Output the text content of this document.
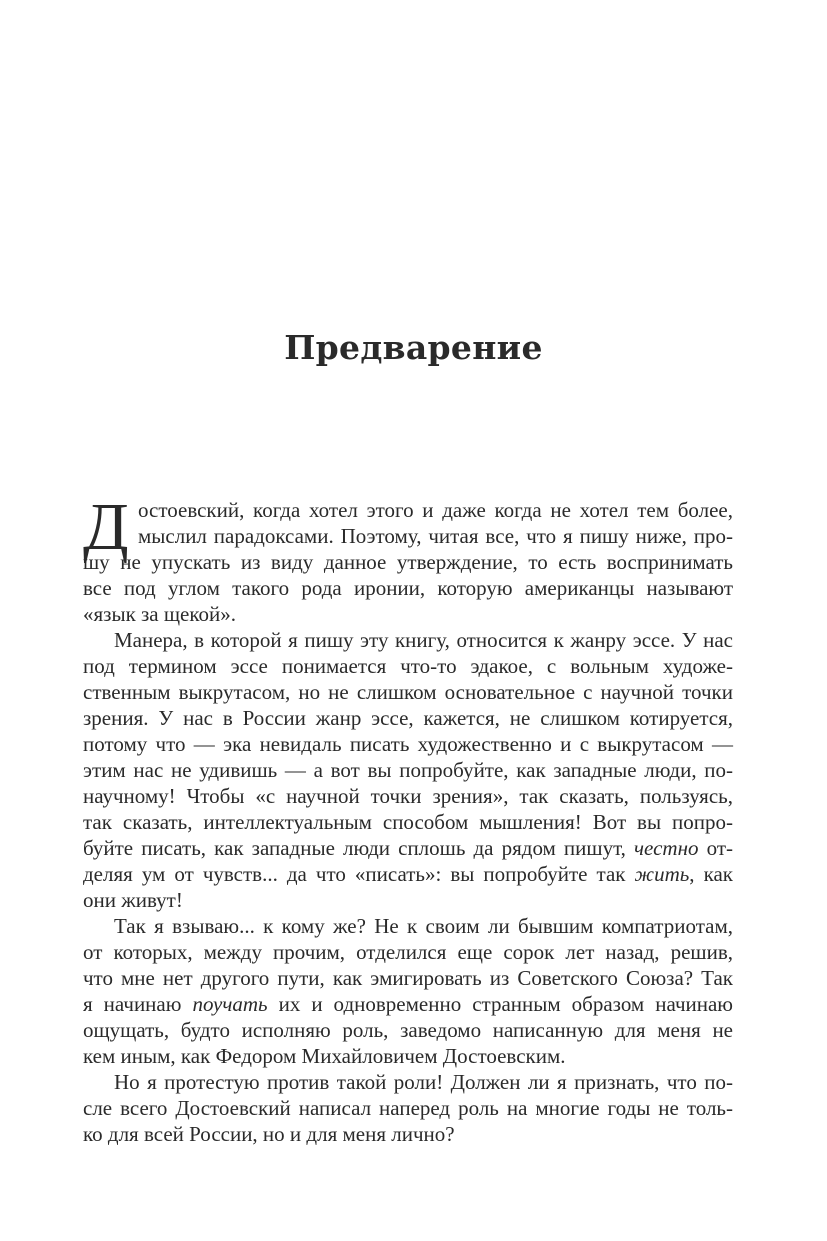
Предварение
Д остоевский, когда хотел этого и даже когда не хотел тем более,
мыслил парадоксами. Поэтому, читая все, что я пишу ниже, про-
шу не упускать из виду данное утверждение, то есть воспринимать
все под углом такого рода иронии, которую американцы называют
«язык за щекой».
Манера, в которой я пишу эту книгу, относится к жанру эссе. У нас
под термином эссе понимается что-то эдакое, с вольным художе-
ственным выкрутасом, но не слишком основательное с научной точки
зрения. У нас в России жанр эссе, кажется, не слишком котируется,
потому что — эка невидаль писать художественно и с выкрутасом —
этим нас не удивишь — а вот вы попробуйте, как западные люди, по-
научному! Чтобы «с научной точки зрения», так сказать, пользуясь,
так сказать, интеллектуальным способом мышления! Вот вы попро-
буйте писать, как западные люди сплошь да рядом пишут, честно от-
деляя ум от чувств... да что «писать»: вы попробуйте так жить, как
они живут!
Так я взываю... к кому же? Не к своим ли бывшим компатриотам,
от которых, между прочим, отделился еще сорок лет назад, решив,
что мне нет другого пути, как эмигировать из Советского Союза? Так
я начинаю поучать их и одновременно странным образом начинаю
ощущать, будто исполняю роль, заведомо написанную для меня не
кем иным, как Федором Михайловичем Достоевским.
Но я протестую против такой роли! Должен ли я признать, что по-
сле всего Достоевский написал наперед роль на многие годы не толь-
ко для всей России, но и для меня лично?
